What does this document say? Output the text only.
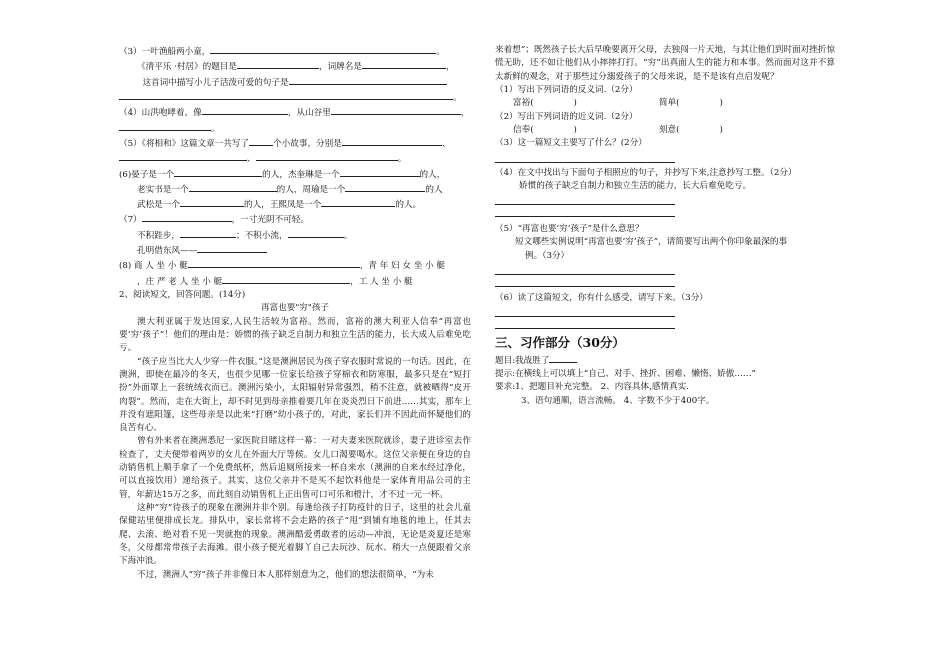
（3）一叶渔船两小童，	。
《清平乐 ·村居》的题目是	，词牌名是	，
这首词中描写小儿子活泼可爱的句子是
。
（4）山洪咆哮着，像	，从山谷里	，
。
（5）《将相和》这篇文章一共写了	个小故事，分别是	、
、	。
(6)晏子是一个	的人，杰奎琳是一个	的人，
老实书是一个	的人，周瑜是一个	的人
武松是一个	的人，王熙凤是一个	的人。
（7）	，一寸光阴不可轻。
不积跬步，	；不积小流，	。
孔明借东风——
(8) 商 人 坐 小 艇	，青 年 妇 女 坐 小 艇
，庄 严 老 人 坐 小 艇	，工 人 坐 小 艇
2、阅读短文，回答问题。(14分)
再富也要"穷"孩子
澳大利亚属于发达国家,人民生活较为富裕。然而，富裕的澳大利亚人信奉“再富也要‘穷’孩子”！他们的理由是：娇惯的孩子缺乏自制力和独立生活的能力，长大成人后难免吃亏。
“孩子应当比大人少穿一件衣服。”这是澳洲居民为孩子穿衣服时常说的一句话。因此，在澳洲，即使在最冷的冬天，也很少见哪一位家长给孩子穿棉衣和防寒服，最多只是在“短打扮”外面罩上一套统绒衣而已。澳洲污染小，太阳辐射异常强烈，稍不注意，就被晒得“皮开肉裂”。然而，走在大街上，却不时见到母亲推着要几年在炎炎烈日下前进……其实，那车上并没有遮阳篷，这些母亲是以此来“打磨”幼小孩子的，对此，家长们并不因此而怀疑他们的良苦有心。
曾有外来者在澳洲悉尼一家医院目睹这样一幕：一对夫妻来医院就诊，妻子进诊室去作检查了，丈夫便带着两岁的女儿在外面大厅等候。女儿口渴要喝水。这位父亲便在身边的自动销售机上顺手拿了一个免费纸杯，然后追厕所接来一杯自来水（澳洲的自来水经过净化，可以直接饮用）递给孩子。其实，这位父亲并不是买不起饮料他是一家体育用品公司的主管，年薪达15万之多，而此刻自动销售机上正出售可口可乐和橙汁，才不过一元一杯。
这种“穷”待孩子的现象在澳洲并非个别。每逢给孩子打防疫针的日子，这里的社会儿童保健站里便排成长龙。排队中，家长常将不会走路的孩子“甩”到铺有地毯的地上，任其去爬、去滚、绝对看不见一哭就抱的现象。澳洲酷爱勇敢者的运动—冲浪，无论是炎夏还是寒冬，父母都常带孩子去海滩。很小孩子便光着脚丫自己去玩沙、玩水、稍大一点便跟着父亲下海冲浪。
不过，澳洲人“穷”孩子并非像日本人那样刻意为之，他们的想法很简单，“为未
来着想”；既然孩子长大后早晚要离开父母，去独闯一片天地，与其让他们到时面对挫折惊慌无助，还不如让他们从小摔摔打打。“穷”出真面人生的能力和本事。然而面对这并不算太新鲜的观念，对于那些过分溺爱孩子的父母来说，是不是该有点启发呢？
（1）写出下列词语的反义词.（2分）
富裕(	)	简单(	)
（2）写出下列词语的近义词.（2分）
信奉(	)	刻意(	)
（3）这一篇短文主要写了什么？(2分）
（4）在文中找出与下面句子相照应的句子，并抄写下来,注意抄写工整。（2分）
娇惯的孩子缺乏自制力和独立生活的能力，长大后难免吃亏。
（5）“再富也要‘穷’孩子”是什么意思？
短文哪些实例说明“再富也要‘穷’孩子”，请简要写出两个你印象最深的事
例。（3分）
（6）读了这篇短文，你有什么感受，请写下来。（3分）
三、习作部分（30分）
题目:我战胜了
提示:在横线上可以填上“自己、对手、挫折、困难、懒惰、娇傲……”
要求:1、把题目补充完整。 2、内容具体,感情真实.
3、语句通顺，语言流畅。 4、字数不少于400字。
